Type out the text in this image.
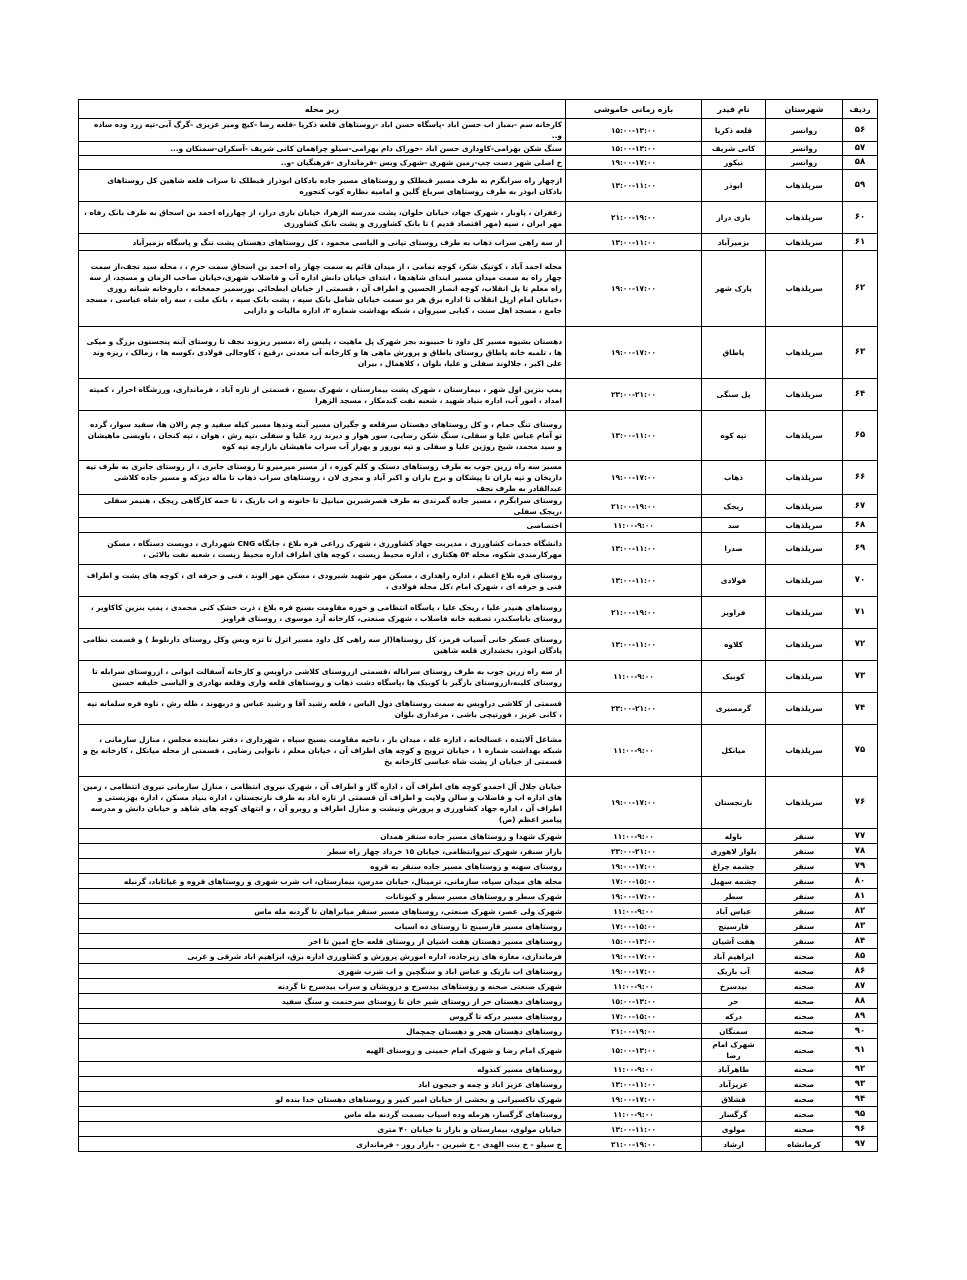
ردیف	شهرستان	نام فیدر	بازه زمانی خاموشی	زیر محله
۵۶	روانسر	قلعه ذکریا	۱۵:۰۰-۱۳:۰۰	کارخانه سم -بمباز اب حسن اباد -پاسگاه حسن اباد -روستاهای قلعه ذکریا -قلعه رضا -کیچ ومیر عزیزی -گرگ آبی-تپه زرد وده ساده و..
۵۷	روانسر	کانی شریف	۱۵:۰۰-۱۳:۰۰	سنگ شکن بهرامی-کاوداری حسن اباد -خوراک دام بهرامی-سیلو چراهمان کانی شریف -آسکران-سمنکان و...
۵۸	روانسر	نیکور	۱۹:۰۰-۱۷:۰۰	خ اصلی شهر دست چپ-زمین شهری -شهرک وبس -فرمانداری -فرهنگیان -و..
۵۹	سرپلذهاب	ابوذر	۱۳:۰۰-۱۱:۰۰	ازچهار راه سرابگرم به طرف مسیر قبطلک و روستاهای مسیر جاده بادکان ابوذراز قبطلک تا سراب قلعه شاهین کل روستاهای بادکان ابوذر به طرف روستاهای سرباغ گلین و امامیه نظاره کوب کنجوره
۶۰	سرپلذهاب	بازی دراز	۲۱:۰۰-۱۹:۰۰	زعفران ، پاوبار ، شهرک جهاد، خیابان حلوان، پشت مدرسه الزهرا، خیابان بازی دراز، از چهارراه احمد بن اسحاق به طرف بانک رفاه ، مهر ایران ، سپه (مهر اقتصاد قدیم ) تا بانک کشاورزی و پشت بانک کشاورزی
۶۱	سرپلذهاب	بزمیرآباد	۱۳:۰۰-۱۱:۰۰	از سه راهی سراب ذهاب به طرف روستای تپانی و الیاسی محمود ، کل روستاهای دهستان پشت تنگ و پاسگاه بزمیرآباد
۶۲	سرپلذهاب	پارک شهر	۱۹:۰۰-۱۷:۰۰	محله احمد آباد ، کوتیک شکر، کوچه تمامی ، از میدان قائم به سمت چهار راه احمد بن اسحاق سمت حرم ، ، محله سید نجف،از سمت چهار راه به سمت میدان مسیر ابتدای شاهدها ، ابتدای خیابان دانش اداره آب و فاضلاب شهری،خیابان صاحب الزمان و مسجد، از سه راه معلم تا پل انقلاب، کوچه انصار الحسین و اطراف آن ، قسمتی از خیابان ابطحائی بورسمیر جمعخانه ، داروخانه شبانه روزی ،خیابان امام ازپل انقلاب تا اداره برق هر دو سمت خیابان شامل بانک سپه ، پشت بانک سپه ، بانک ملت ، سه راه شاه عباسی ، مسجد جامع ، مسجد اهل سنت ، کبابی سیروان ، شبکه بهداشت شماره ۲، اداره مالیات و دارایی
۶۳	سرپلذهاب	پاطاق	۱۹:۰۰-۱۷:۰۰	دهستان بشیوه مسیر کل داود تا حبیبوند بجز شهرک پل ماهیت ، پلیس راه ،مسیر ریزوند نجف تا روستای آبنه پنجستون بزرگ و میکی ها ، تلمبه خانه پاطاق روستای پاطاق و پرورش ماهی ها و کارخانه آب معدنی ،رقیع ، کاوجالی فولادی ،کوسه ها ، زمالک ، ریزه وند علی اکبر ، جلالوند سفلی و علیا، بلوان ، کلاهمال ، بیران
۶۴	سرپلذهاب	پل سنگی	۲۳:۰۰-۲۱:۰۰	پمپ بنزین اول شهر ، بیمارستان ، شهرک پشت بیمارستان ، شهرک بسیج ، قسمتی از تازه آباد ، فرمانداری، ورزشگاه احرار ، کمیته امداد ، امور آب، اداره بنیاد شهید ، شعبه نفت کندمکار ، مسجد الزهرا
۶۵	سرپلذهاب	تپه کوه	۱۳:۰۰-۱۱:۰۰	روستای تنگ حمام ، و کل روستاهای دهستان سرقلعه و جگیران مسیر آبنه وندها مسیر کیله سفید و چم زالان ها، سفید سوار، گرده تو آمام عباس علیا و سفلی، سنگ شکن رضایی، سور هوار و دیرند زرد علیا و سفلی ،تپه رش ، هوان ، تپه کنجان ، باویسی ماهیشان و سید محمد، شیخ روژین علیا و سفلی و تپه نوروز و بهراز آب سراب ماهیشان بازارچه تپه کوه
۶۶	سرپلذهاب	ذهاب	۱۹:۰۰-۱۷:۰۰	مسیر سه راه زرین جوب به طرف روستاهای دستک و کلم کوره ، از مسیر میرمیرو تا روستای جابری ، از روستای جابری به طرف تپه داریخان و تپه باران تا پیشکان و برخ باران و اکبر آباد و مجری لان ، روستاهای سراب ذهاب تا ماله دیزکه و مسیر جاده کلاشی عبدالقادر به طرف نجف
۶۷	سرپلذهاب	ریجک	۲۱:۰۰-۱۹:۰۰	روستای سرابگرم ، مسیر جاده گمرندی به طرف قصرشیرین میانپل تا خانونه و اب باریک ، تا خمه کارگاهی ریجک ، هنیمر سفلی ،ریجک سفلی
۶۸	سرپلذهاب	سد	۱۱:۰۰-۹:۰۰	اختصاصی
۶۹	سرپلذهاب	صدرا	۱۳:۰۰-۱۱:۰۰	دانشگاه خدمات کشاورزی ، مدیریت جهاد کشاورزی ، شهرک زراعی قره بلاغ ، جایگاه CNG شهرداری ، دویست دستگاه ، مسکن مهرکارمندی شکوه، محله ۵۴ هکتاری ، اداره محیط زیست ، کوچه های اطراف اداره محیط زیست ، شعبه نفت بالائی ،
۷۰	سرپلذهاب	فولادی	۱۳:۰۰-۱۱:۰۰	روستای قره بلاغ اعظم ، اداره راهداری ، مسکن مهر شهید شیرودی ، مسکن مهر الوند ، فنی و حرفه ای ، کوچه های پشت و اطراف فنی و حرفه ای ، شهرک امام ،کل محله فولادی ،
۷۱	سرپلذهاب	فراویز	۲۱:۰۰-۱۹:۰۰	روستاهای هنیدر علیا ، ریجک علیا ، پاسگاه انتظامی و حوزه مقاومت بسیج قره بلاغ ، ذرت خشک کنی محمدی ، پمپ بنزین کاکاویر ، روستای باباسکندر، تصفیه خانه فاضلاب ، شهرک صنعتی، کارخانه آرد موسوی ، روستای فراویز
۷۲	سرپلذهاب	کلاوه	۱۳:۰۰-۱۱:۰۰	روستای عسکر خانی آسیاب قرمز، کل روستاها(از سه راهی کل داود مسیر اترل تا تزه ویس وکل روستای دارنلوط ) و قسمت نظامی پادگان ابوذر، بخشداری قلعه شاهین
۷۳	سرپلذهاب	کوبیک	۱۱:۰۰-۹:۰۰	از سه راه زرین جوب به طرف روستای سراباله ،قسمتی ازروستای کلاشی دراویس و کارخانه آسفالت ایوانی ، ازروستای سرابله تا روستای کلینه،ازروستای بازگیر با کوبیک ها ،پاسگاه دشت ذهاب و روستاهای قلعه واری وقلعه بهادری و الیاسی خلیفه حسین
۷۴	سرپلذهاب	گرمسیری	۲۳:۰۰-۲۱:۰۰	قسمتی از کلاشی دراویس به سمت روستاهای دول الیاس ، قلعه رشید آقا و رشید عباس و دربهوند ، طله رش ، تاوه قره سلمانه تپه ، کانی عزیز ، فورتیچی باشی ، مرغداری بلوان
۷۵	سرپلذهاب	میانکل	۱۱:۰۰-۹:۰۰	مشاغل آلاینده ، غسالخانه ، اداره غله ، میدان بار ، ناحیه مقاومت بسیج سپاه ، شهرداری ، دفتر نماینده مجلس ، منازل سازمانی ، شبکه بهداشت شماره ۱ ، خیابان ترویج و کوچه های اطراف آن ، خیابان معلم ، نانوایی رضایی ، قسمتی از محله میانکل ، کارخانه یخ و قسمتی از خیابان از پشت شاه عباسی کارخانه یخ
۷۶	سرپلذهاب	نارنجستان	۱۹:۰۰-۱۷:۰۰	خیابان جلال آل احمدو کوچه های اطراف آن ، اداره گاز و اطراف آن ، شهرک نیروی انتظامی ، منازل سازمانی نیروی انتظامی ، زمین های اداره اب و فاضلاب و سالن ولایت و اطراف آن قسمتی از تازه اباد به طرف نارنجستان ، اداره بنیاد مسکن ، اداره بهزیستی و اطراف آن ، اداره جهاد کشاورزی و پرورش ونیشت و منازل اطراف و روبرو آن ، و انتهای کوچه های شاهد و خیابان دانش و مدرسه پیامبر اعظم (ص)
۷۷	سنقر	باوله	۱۱:۰۰-۹:۰۰	شهرک شهدا و روستاهای مسیر جاده سنقر همدان
۷۸	سنقر	بلوار لاهوری	۲۳:۰۰-۲۱:۰۰	بازار سنقر، شهرک نیروانتظامی، خیابان ۱۵ خرداد چهار راه سطر
۷۹	سنقر	چشمه چراغ	۱۹:۰۰-۱۷:۰۰	روستای سهنه و روستاهای مسیر جاده سنقر به قروه
۸۰	سنقر	چشمه سهیل	۱۷:۰۰-۱۵:۰۰	محله های میدان سپاه، سازمانی، ترمینال، خیابان مدرس، بیمارستان، اب شرب شهری و روستاهای قروه و غیاثاباد، گزنبله
۸۱	سنقر	سطر	۱۹:۰۰-۱۷:۰۰	شهرک سطر و روستاهای مسیر سطر و کیونانات
۸۲	سنقر	عباس آباد	۱۱:۰۰-۹:۰۰	شهرک ولی عصر، شهرک صنعتی، روستاهای مسیر سنقر میانراهان تا گردنه مله ماس
۸۳	سنقر	فارسینج	۱۷:۰۰-۱۵:۰۰	روستاهای مسیر فارسینج تا روستای ده اسباب
۸۴	سنقر	هفت آشیان	۱۵:۰۰-۱۳:۰۰	روستاهای مسیر دهستان هفت اشیان از روستای قلعه حاج امین تا اخر
۸۵	صحنه	ابراهیم آباد	۱۹:۰۰-۱۷:۰۰	فرمانداری، مغازه های زیرجاده، اداره اموزش پرورش و کشاورزی اداره برق، ابراهیم اباد شرقی و غربی
۸۶	صحنه	آب باریک	۱۹:۰۰-۱۷:۰۰	روستاهای اب باریک و عباس اباد و سنگچین و اب شرب شهری
۸۷	صحنه	بیدسرخ	۱۱:۰۰-۹:۰۰	شهرک صنعتی صحنه و روستاهای بیدسرخ و درویشان و سراب بیدسرخ تا گردنه
۸۸	صحنه	حر	۱۵:۰۰-۱۳:۰۰	روستاهای دهستان حر از روستای شیر خان تا روستای سرخنمت و سنگ سفید
۸۹	صحنه	درکه	۱۷:۰۰-۱۵:۰۰	روستاهای مسیر درکه تا گروس
۹۰	صحنه	سمنگان	۲۱:۰۰-۱۹:۰۰	روستاهای دهستان هجر و دهستان چمچمال
۹۱	صحنه	شهرک امام رضا	۱۵:۰۰-۱۳:۰۰	شهرک امام رضا و شهرک امام خمینی و روستای الهیه
۹۲	صحنه	طاهرآباد	۱۱:۰۰-۹:۰۰	روستاهای مسیر کندوله
۹۳	صحنه	عزیزآباد	۱۳:۰۰-۱۱:۰۰	روستاهای عزیز اباد و چمه و جیجون اباد
۹۴	صحنه	قشلاق	۱۹:۰۰-۱۷:۰۰	شهرک تاکسیرانی و بخشی از خیابان امیر کبیر و روستاهای دهستان خدا بنده لو
۹۵	صحنه	گرگسار	۱۱:۰۰-۹:۰۰	روستاهای گرگسار، هرمله وده اسیاب بسمت گردنه مله ماس
۹۶	صحنه	مولوی	۱۳:۰۰-۱۱:۰۰	خیابان مولوی، بیمارستان و بازار تا خیابان ۴۰ متری
۹۷	کرمانشاه	ارشاد	۲۱:۰۰-۱۹:۰۰	خ سیلو - خ بنت الهدی - خ شیرین - بازار روز - فرمانداری
